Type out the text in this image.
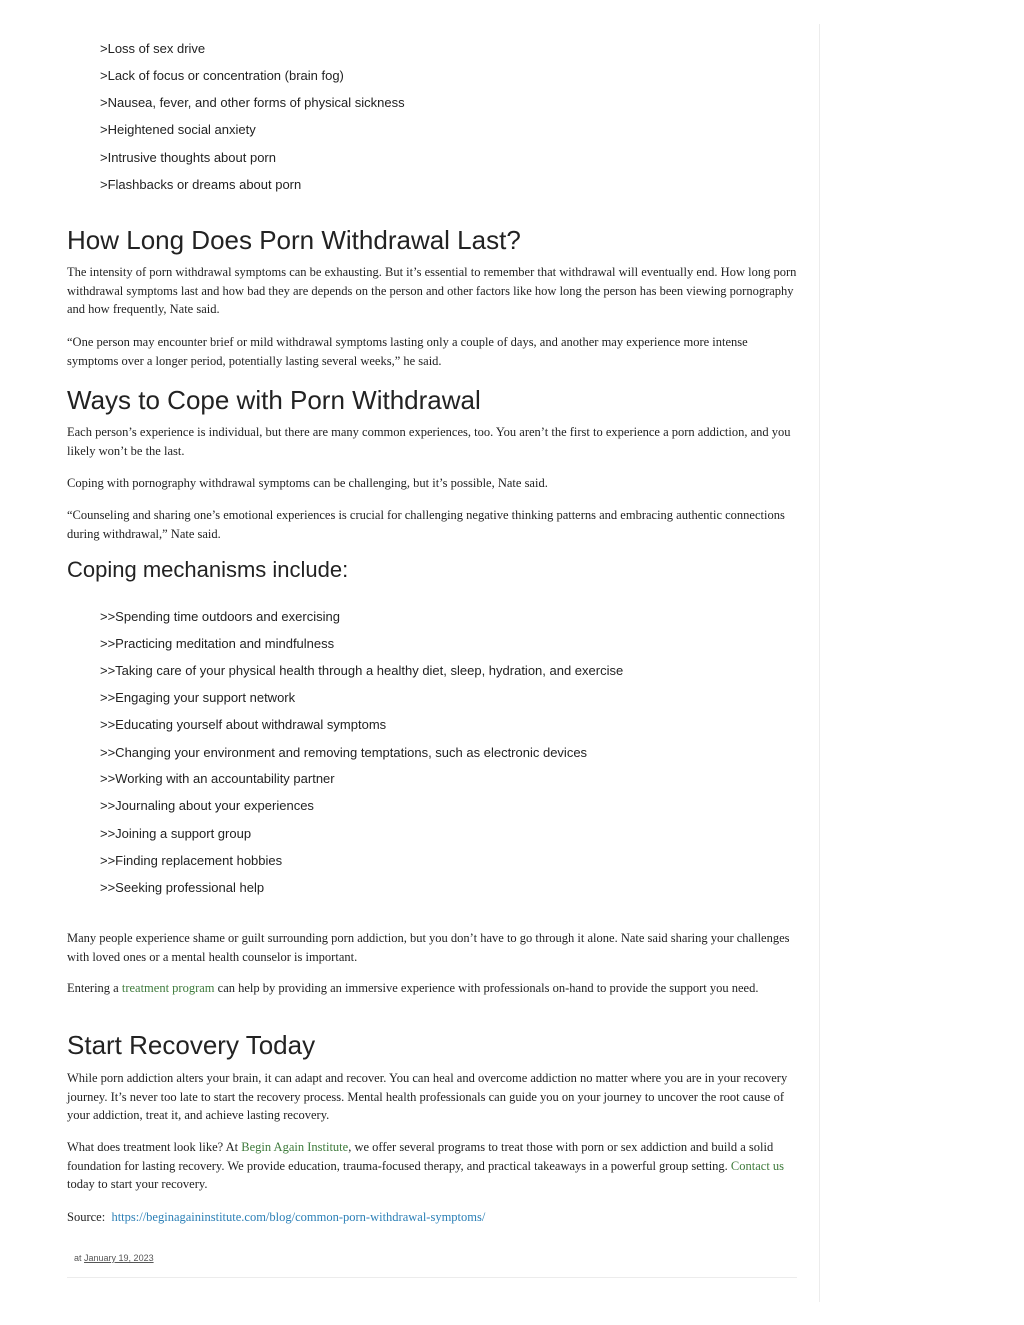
>Loss of sex drive
>Lack of focus or concentration (brain fog)
>Nausea, fever, and other forms of physical sickness
>Heightened social anxiety
>Intrusive thoughts about porn
>Flashbacks or dreams about porn
How Long Does Porn Withdrawal Last?

The intensity of porn withdrawal symptoms can be exhausting. But it’s essential to remember that withdrawal will eventually end. How long porn withdrawal symptoms last and how bad they are depends on the person and other factors like how long the person has been viewing pornography and how frequently, Nate said.

“One person may encounter brief or mild withdrawal symptoms lasting only a couple of days, and another may experience more intense symptoms over a longer period, potentially lasting several weeks,” he said.

Ways to Cope with Porn Withdrawal

Each person’s experience is individual, but there are many common experiences, too. You aren’t the first to experience a porn addiction, and you likely won’t be the last.

Coping with pornography withdrawal symptoms can be challenging, but it’s possible, Nate said.

“Counseling and sharing one’s emotional experiences is crucial for challenging negative thinking patterns and embracing authentic connections during withdrawal,” Nate said.

Coping mechanisms include:
>>Spending time outdoors and exercising
>>Practicing meditation and mindfulness
>>Taking care of your physical health through a healthy diet, sleep, hydration, and exercise
>>Engaging your support network
>>Educating yourself about withdrawal symptoms
>>Changing your environment and removing temptations, such as electronic devices
>>Working with an accountability partner
>>Journaling about your experiences
>>Joining a support group
>>Finding replacement hobbies
>>Seeking professional help

Many people experience shame or guilt surrounding porn addiction, but you don’t have to go through it alone. Nate said sharing your challenges with loved ones or a mental health counselor is important.

Entering a treatment program can help by providing an immersive experience with professionals on-hand to provide the support you need.

Start Recovery Today

While porn addiction alters your brain, it can adapt and recover. You can heal and overcome addiction no matter where you are in your recovery journey. It’s never too late to start the recovery process. Mental health professionals can guide you on your journey to uncover the root cause of your addiction, treat it, and achieve lasting recovery.

What does treatment look like? At Begin Again Institute, we offer several programs to treat those with porn or sex addiction and build a solid foundation for lasting recovery. We provide education, trauma-focused therapy, and practical takeaways in a powerful group setting. Contact us today to start your recovery.

Source: https://beginagaininstitute.com/blog/common-porn-withdrawal-symptoms/

at January 19, 2023
